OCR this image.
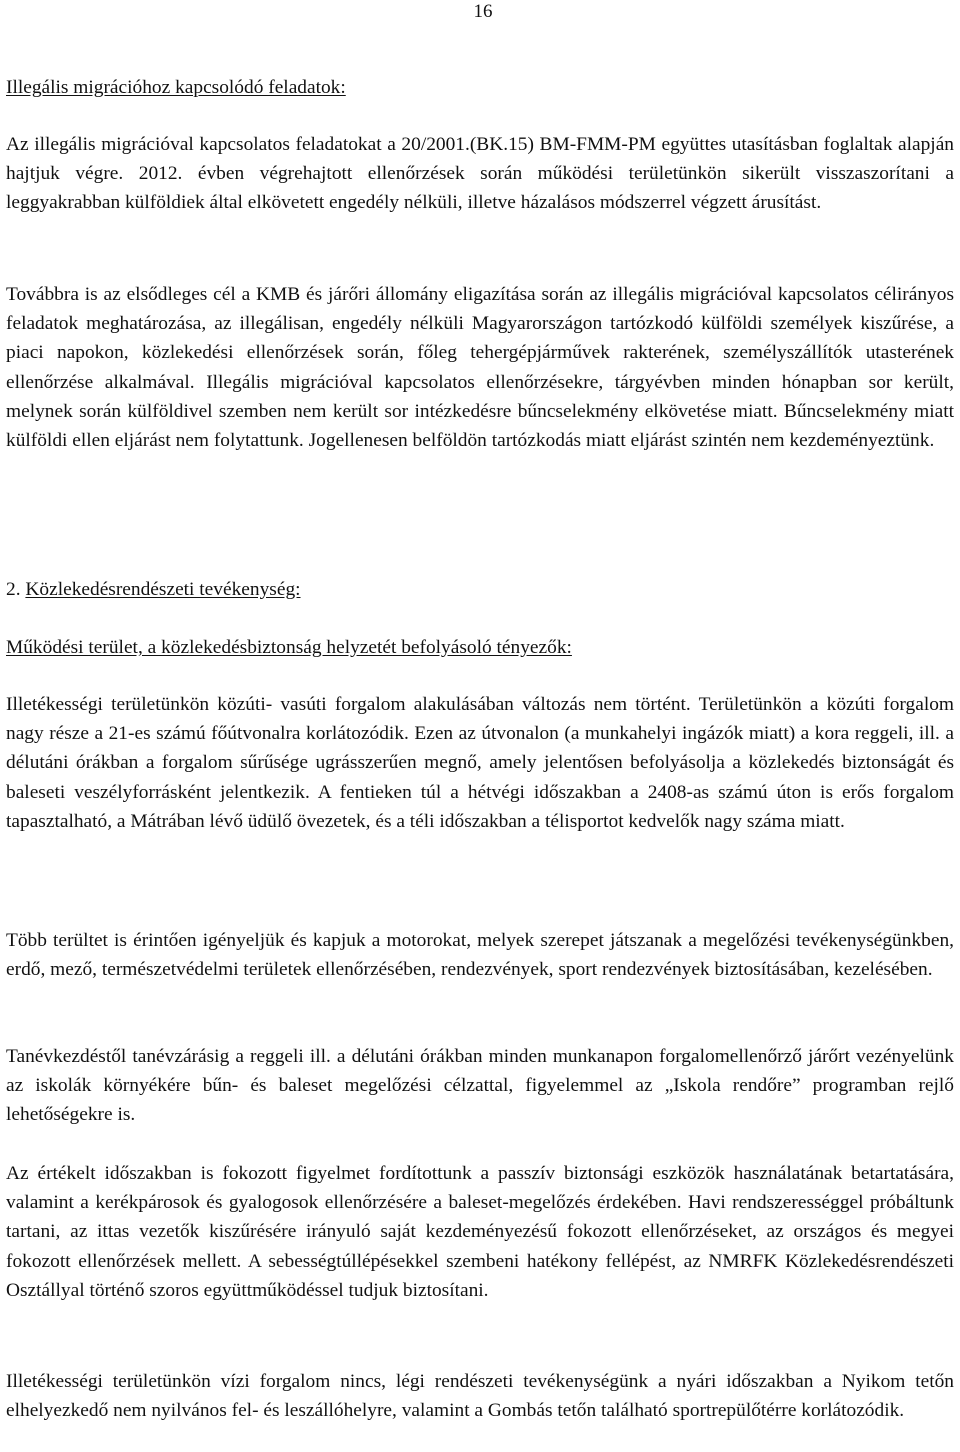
16
Illegális migrációhoz kapcsolódó feladatok:

Az illegális migrációval kapcsolatos feladatokat a 20/2001.(BK.15) BM-FMM-PM együttes utasításban foglaltak alapján hajtjuk végre. 2012. évben végrehajtott ellenőrzések során működési területünkön sikerült visszaszorítani a leggyakrabban külföldiek által elkövetett engedély nélküli, illetve házalásos módszerrel végzett árusítást.

Továbbra is az elsődleges cél a KMB és járőri állomány eligazítása során az illegális migrációval kapcsolatos célirányos feladatok meghatározása, az illegálisan, engedély nélküli Magyarországon tartózkodó külföldi személyek kiszűrése, a piaci napokon, közlekedési ellenőrzések során, főleg tehergépjárművek rakterének, személyszállítók utasterének ellenőrzése alkalmával. Illegális migrációval kapcsolatos ellenőrzésekre, tárgyévben minden hónapban sor került, melynek során külföldivel szemben nem került sor intézkedésre bűncselekmény elkövetése miatt. Bűncselekmény miatt külföldi ellen eljárást nem folytattunk. Jogellenesen belföldön tartózkodás miatt eljárást szintén nem kezdeményeztünk.

2. Közlekedésrendészeti tevékenység:
Működési terület, a közlekedésbiztonság helyzetét befolyásoló tényezők:

Illetékességi területünkön közúti- vasúti forgalom alakulásában változás nem történt. Területünkön a közúti forgalom nagy része a 21-es számú főútvonalra korlátozódik. Ezen az útvonalon (a munkahelyi ingázók miatt) a kora reggeli, ill. a délutáni órákban a forgalom sűrűsége ugrásszerűen megnő, amely jelentősen befolyásolja a közlekedés biztonságát és baleseti veszélyforrásként jelentkezik. A fentieken túl a hétvégi időszakban a 2408-as számú úton is erős forgalom tapasztalható, a Mátrában lévő üdülő övezetek, és a téli időszakban a télisportot kedvelők nagy száma miatt.

Több terültet is érintően igényeljük és kapjuk a motorokat, melyek szerepet játszanak a megelőzési tevékenységünkben, erdő, mező, természetvédelmi területek ellenőrzésében, rendezvények, sport rendezvények biztosításában, kezelésében.

Tanévkezdéstől tanévzárásig a reggeli ill. a délutáni órákban minden munkanapon forgalomellenőrző járőrt vezényelünk az iskolák környékére bűn- és baleset megelőzési célzattal, figyelemmel az „Iskola rendőre” programban rejlő lehetőségekre is.

Az értékelt időszakban is fokozott figyelmet fordítottunk a passzív biztonsági eszközök használatának betartatására, valamint a kerékpárosok és gyalogosok ellenőrzésére a baleset-megelőzés érdekében. Havi rendszerességgel próbáltunk tartani, az ittas vezetők kiszűrésére irányuló saját kezdeményezésű fokozott ellenőrzéseket, az országos és megyei fokozott ellenőrzések mellett. A sebességtúllépésekkel szembeni hatékony fellépést, az NMRFK Közlekedésrendészeti Osztállyal történő szoros együttműködéssel tudjuk biztosítani.

Illetékességi területünkön vízi forgalom nincs, légi rendészeti tevékenységünk a nyári időszakban a Nyikom tetőn elhelyezkedő nem nyilvános fel- és leszállóhelyre, valamint a Gombás tetőn található sportrepülőtérre korlátozódik.
